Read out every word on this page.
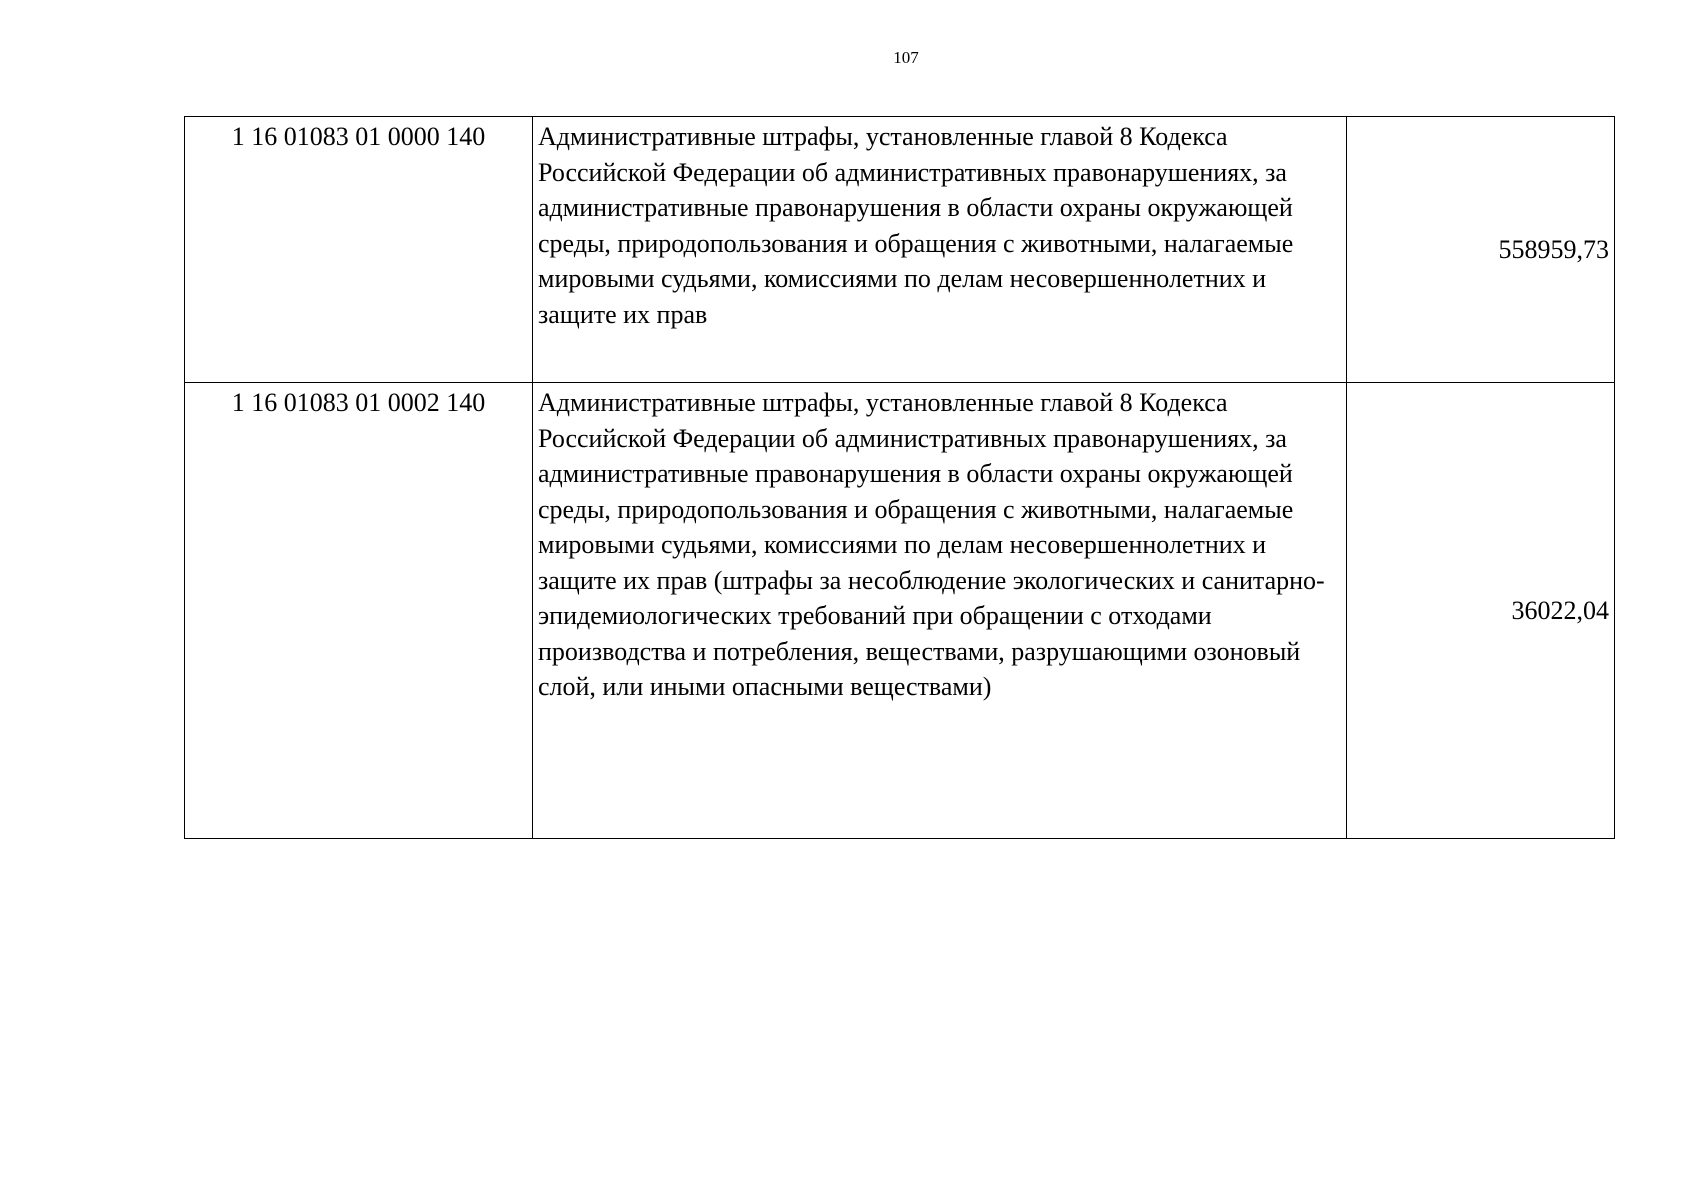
107
1 16 01083 01 0000 140	Административные штрафы, установленные главой 8 Кодекса Российской Федерации об административных правонарушениях, за административные правонарушения в области охраны окружающей среды, природопользования и обращения с животными, налагаемые мировыми судьями, комиссиями по делам несовершеннолетних и защите их прав	558959,73
1 16 01083 01 0002 140	Административные штрафы, установленные главой 8 Кодекса Российской Федерации об административных правонарушениях, за административные правонарушения в области охраны окружающей среды, природопользования и обращения с животными, налагаемые мировыми судьями, комиссиями по делам несовершеннолетних и защите их прав (штрафы за несоблюдение экологических и санитарно-эпидемиологических требований при обращении с отходами производства и потребления, веществами, разрушающими озоновый слой, или иными опасными веществами)	36022,04
